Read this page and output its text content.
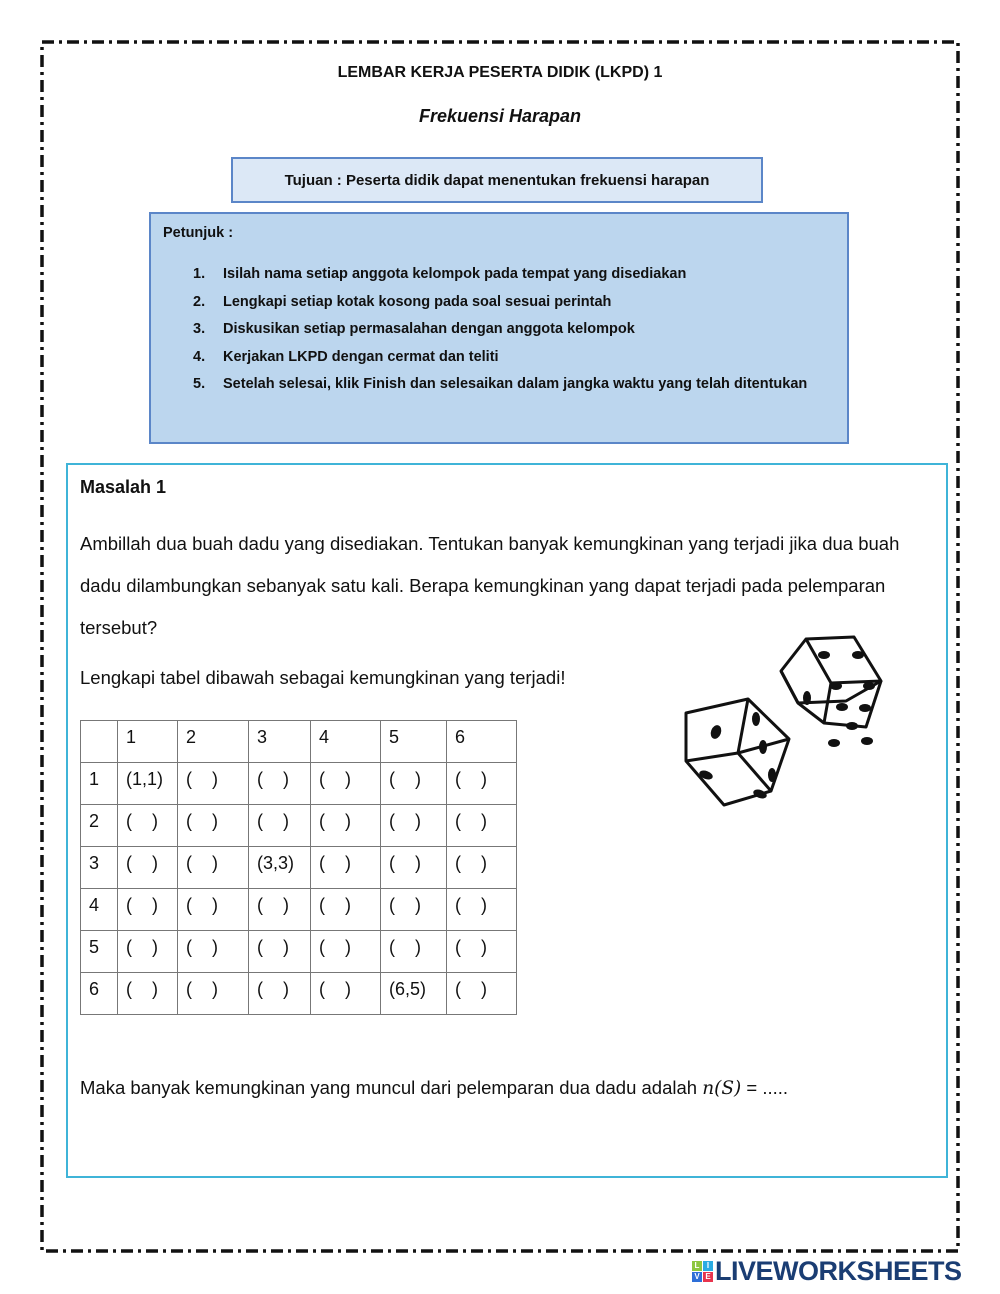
LEMBAR KERJA PESERTA DIDIK (LKPD) 1
Frekuensi Harapan
Tujuan : Peserta didik dapat menentukan frekuensi harapan
Petunjuk :
1.	Isilah nama setiap anggota kelompok pada tempat yang disediakan
2.	Lengkapi setiap kotak kosong pada soal sesuai perintah
3.	Diskusikan setiap permasalahan dengan anggota kelompok
4.	Kerjakan LKPD dengan cermat dan teliti
5.	Setelah selesai, klik Finish dan selesaikan dalam jangka waktu yang telah ditentukan
Masalah 1
Ambillah dua buah dadu yang disediakan. Tentukan banyak kemungkinan yang terjadi jika dua buah dadu dilambungkan sebanyak satu kali. Berapa kemungkinan yang dapat terjadi pada pelemparan tersebut?
Lengkapi tabel dibawah sebagai kemungkinan yang terjadi!
	1	2	3	4	5	6
1	(1,1)	(    )	(    )	(    )	(    )	(    )
2	(    )	(    )	(    )	(    )	(    )	(    )
3	(    )	(    )	(3,3)	(    )	(    )	(    )
4	(    )	(    )	(    )	(    )	(    )	(    )
5	(    )	(    )	(    )	(    )	(    )	(    )
6	(    )	(    )	(    )	(    )	(6,5)	(    )
Maka banyak kemungkinan yang muncul dari pelemparan dua dadu adalah n(S) = .....
L I
V E LIVEWORKSHEETS
